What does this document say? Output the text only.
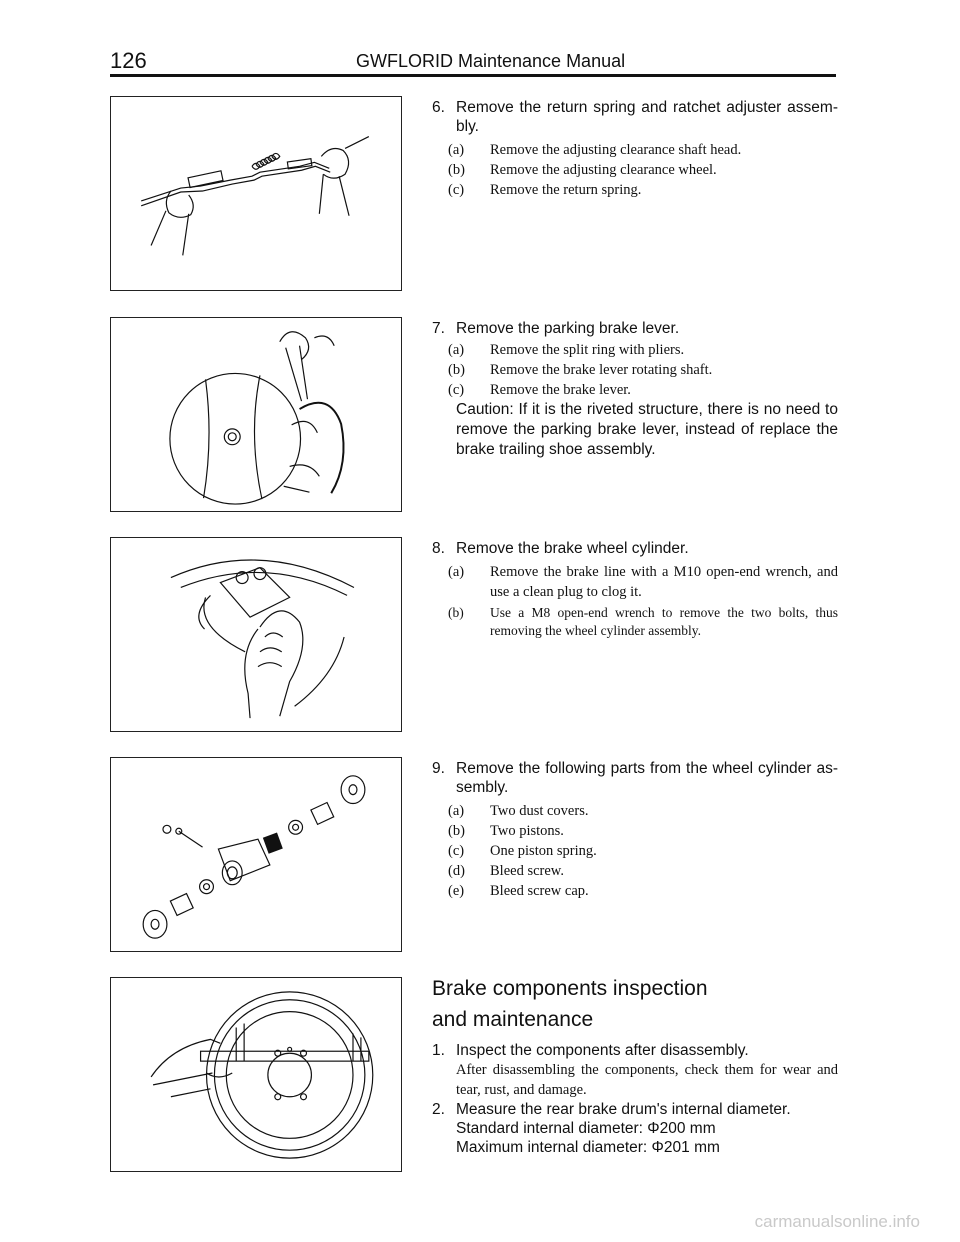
126	GWFLORID Maintenance Manual
6. Remove the return spring and ratchet adjuster assem-bly.
(a) Remove the adjusting clearance shaft head.
(b) Remove the adjusting clearance wheel.
(c) Remove the return spring.
7. Remove the parking brake lever.
(a) Remove the split ring with pliers.
(b) Remove the brake lever rotating shaft.
(c) Remove the brake lever.
Caution: If it is the riveted structure, there is no need to remove the parking brake lever, instead of replace the brake trailing shoe assembly.
8. Remove the brake wheel cylinder.
(a) Remove the brake line with a M10 open-end wrench, and use a clean plug to clog it.
(b) Use a M8 open-end wrench to remove the two bolts, thus removing the wheel cylinder assembly.
9. Remove the following parts from the wheel cylinder as-sembly.
(a) Two dust covers.
(b) Two pistons.
(c) One piston spring.
(d) Bleed screw.
(e) Bleed screw cap.
Brake components inspection
and maintenance
1. Inspect the components after disassembly.
After disassembling the components, check them for wear and tear, rust, and damage.
2. Measure the rear brake drum's internal diameter.
Standard internal diameter: Φ200 mm
Maximum internal diameter: Φ201 mm
carmanualsonline.info
